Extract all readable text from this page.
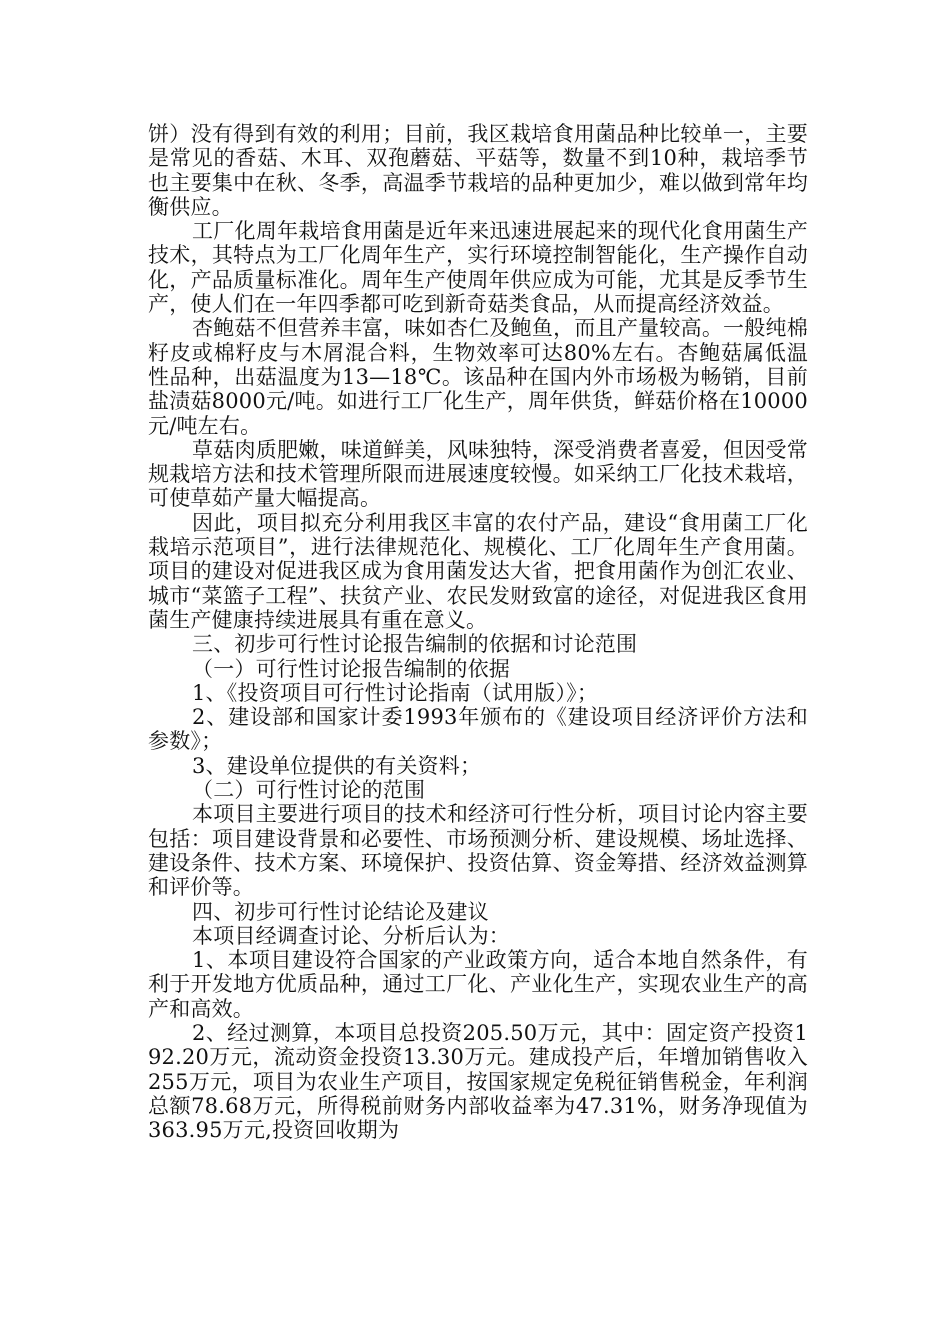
饼）没有得到有效的利用；目前，我区栽培食用菌品种比较单一，主要是常见的香菇、木耳、双孢蘑菇、平菇等，数量不到10种，栽培季节也主要集中在秋、冬季，高温季节栽培的品种更加少，难以做到常年均衡供应。

工厂化周年栽培食用菌是近年来迅速进展起来的现代化食用菌生产技术，其特点为工厂化周年生产，实行环境控制智能化，生产操作自动化，产品质量标准化。周年生产使周年供应成为可能，尤其是反季节生产，使人们在一年四季都可吃到新奇菇类食品，从而提高经济效益。

杏鲍菇不但营养丰富，味如杏仁及鲍鱼，而且产量较高。一般纯棉籽皮或棉籽皮与木屑混合料，生物效率可达80%左右。杏鲍菇属低温性品种，出菇温度为13—18℃。该品种在国内外市场极为畅销，目前盐渍菇8000元/吨。如进行工厂化生产，周年供货，鲜菇价格在10000元/吨左右。

草菇肉质肥嫩，味道鲜美，风味独特，深受消费者喜爱，但因受常规栽培方法和技术管理所限而进展速度较慢。如采纳工厂化技术栽培，可使草茹产量大幅提高。

因此，项目拟充分利用我区丰富的农付产品，建设“食用菌工厂化栽培示范项目”，进行法律规范化、规模化、工厂化周年生产食用菌。项目的建设对促进我区成为食用菌发达大省，把食用菌作为创汇农业、城市“菜篮子工程”、扶贫产业、农民发财致富的途径，对促进我区食用菌生产健康持续进展具有重在意义。

三、初步可行性讨论报告编制的依据和讨论范围

（一）可行性讨论报告编制的依据

1、《投资项目可行性讨论指南（试用版）》；

2、建设部和国家计委1993年颁布的《建设项目经济评价方法和参数》；

3、建设单位提供的有关资料；

（二）可行性讨论的范围

本项目主要进行项目的技术和经济可行性分析，项目讨论内容主要包括：项目建设背景和必要性、市场预测分析、建设规模、场址选择、建设条件、技术方案、环境保护、投资估算、资金筹措、经济效益测算和评价等。

四、初步可行性讨论结论及建议

本项目经调查讨论、分析后认为：

1、本项目建设符合国家的产业政策方向，适合本地自然条件，有利于开发地方优质品种，通过工厂化、产业化生产，实现农业生产的高产和高效。

2、经过测算，本项目总投资205.50万元，其中：固定资产投资192.20万元，流动资金投资13.30万元。建成投产后，年增加销售收入255万元，项目为农业生产项目，按国家规定免税征销售税金，年利润总额78.68万元，所得税前财务内部收益率为47.31%，财务净现值为363.95万元,投资回收期为
